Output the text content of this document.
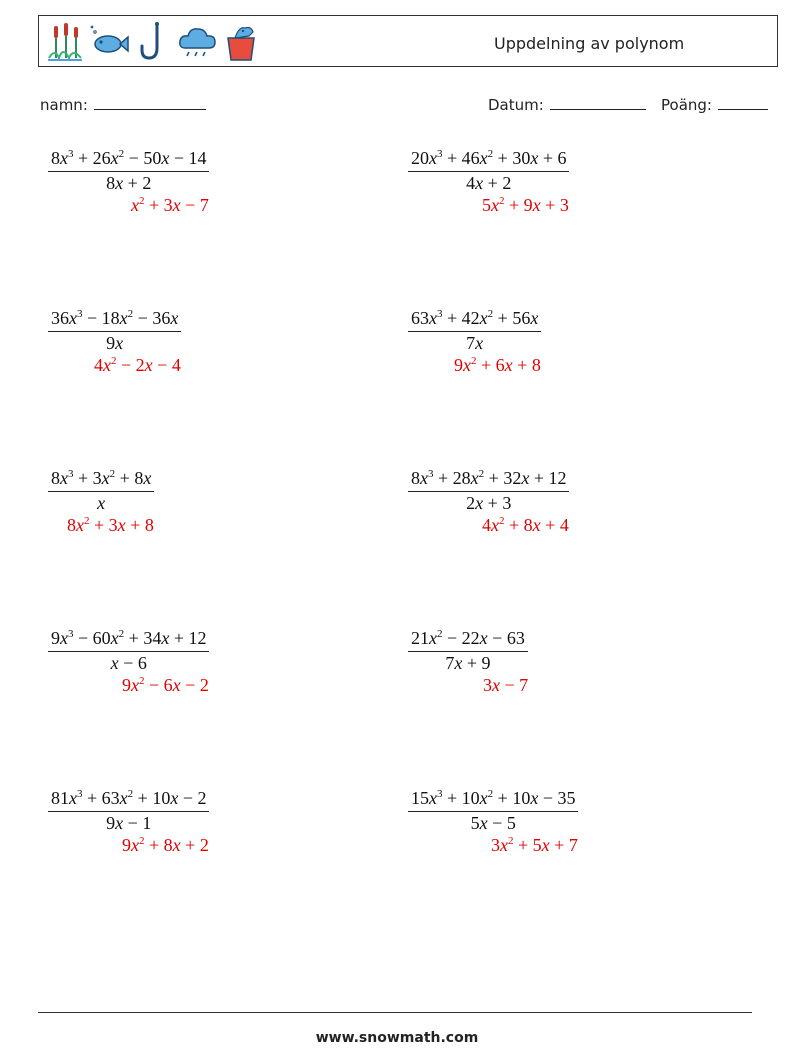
Uppdelning av polynom
namn:	Datum:	Poäng:
$\frac{8x^3 + 26x^2 - 50x - 14}{8x + 2}$
$x^2 + 3x - 7$
$\frac{20x^3 + 46x^2 + 30x + 6}{4x + 2}$
$5x^2 + 9x + 3$
$\frac{36x^3 - 18x^2 - 36x}{9x}$
$4x^2 - 2x - 4$
$\frac{63x^3 + 42x^2 + 56x}{7x}$
$9x^2 + 6x + 8$
$\frac{8x^3 + 3x^2 + 8x}{x}$
$8x^2 + 3x + 8$
$\frac{8x^3 + 28x^2 + 32x + 12}{2x + 3}$
$4x^2 + 8x + 4$
$\frac{9x^3 - 60x^2 + 34x + 12}{x - 6}$
$9x^2 - 6x - 2$
$\frac{21x^2 - 22x - 63}{7x + 9}$
3x − 7
$\frac{81x^3 + 63x^2 + 10x - 2}{9x - 1}$
$9x^2 + 8x + 2$
$\frac{15x^3 + 10x^2 + 10x - 35}{5x - 5}$
$3x^2 + 5x + 7$
www.snowmath.com
